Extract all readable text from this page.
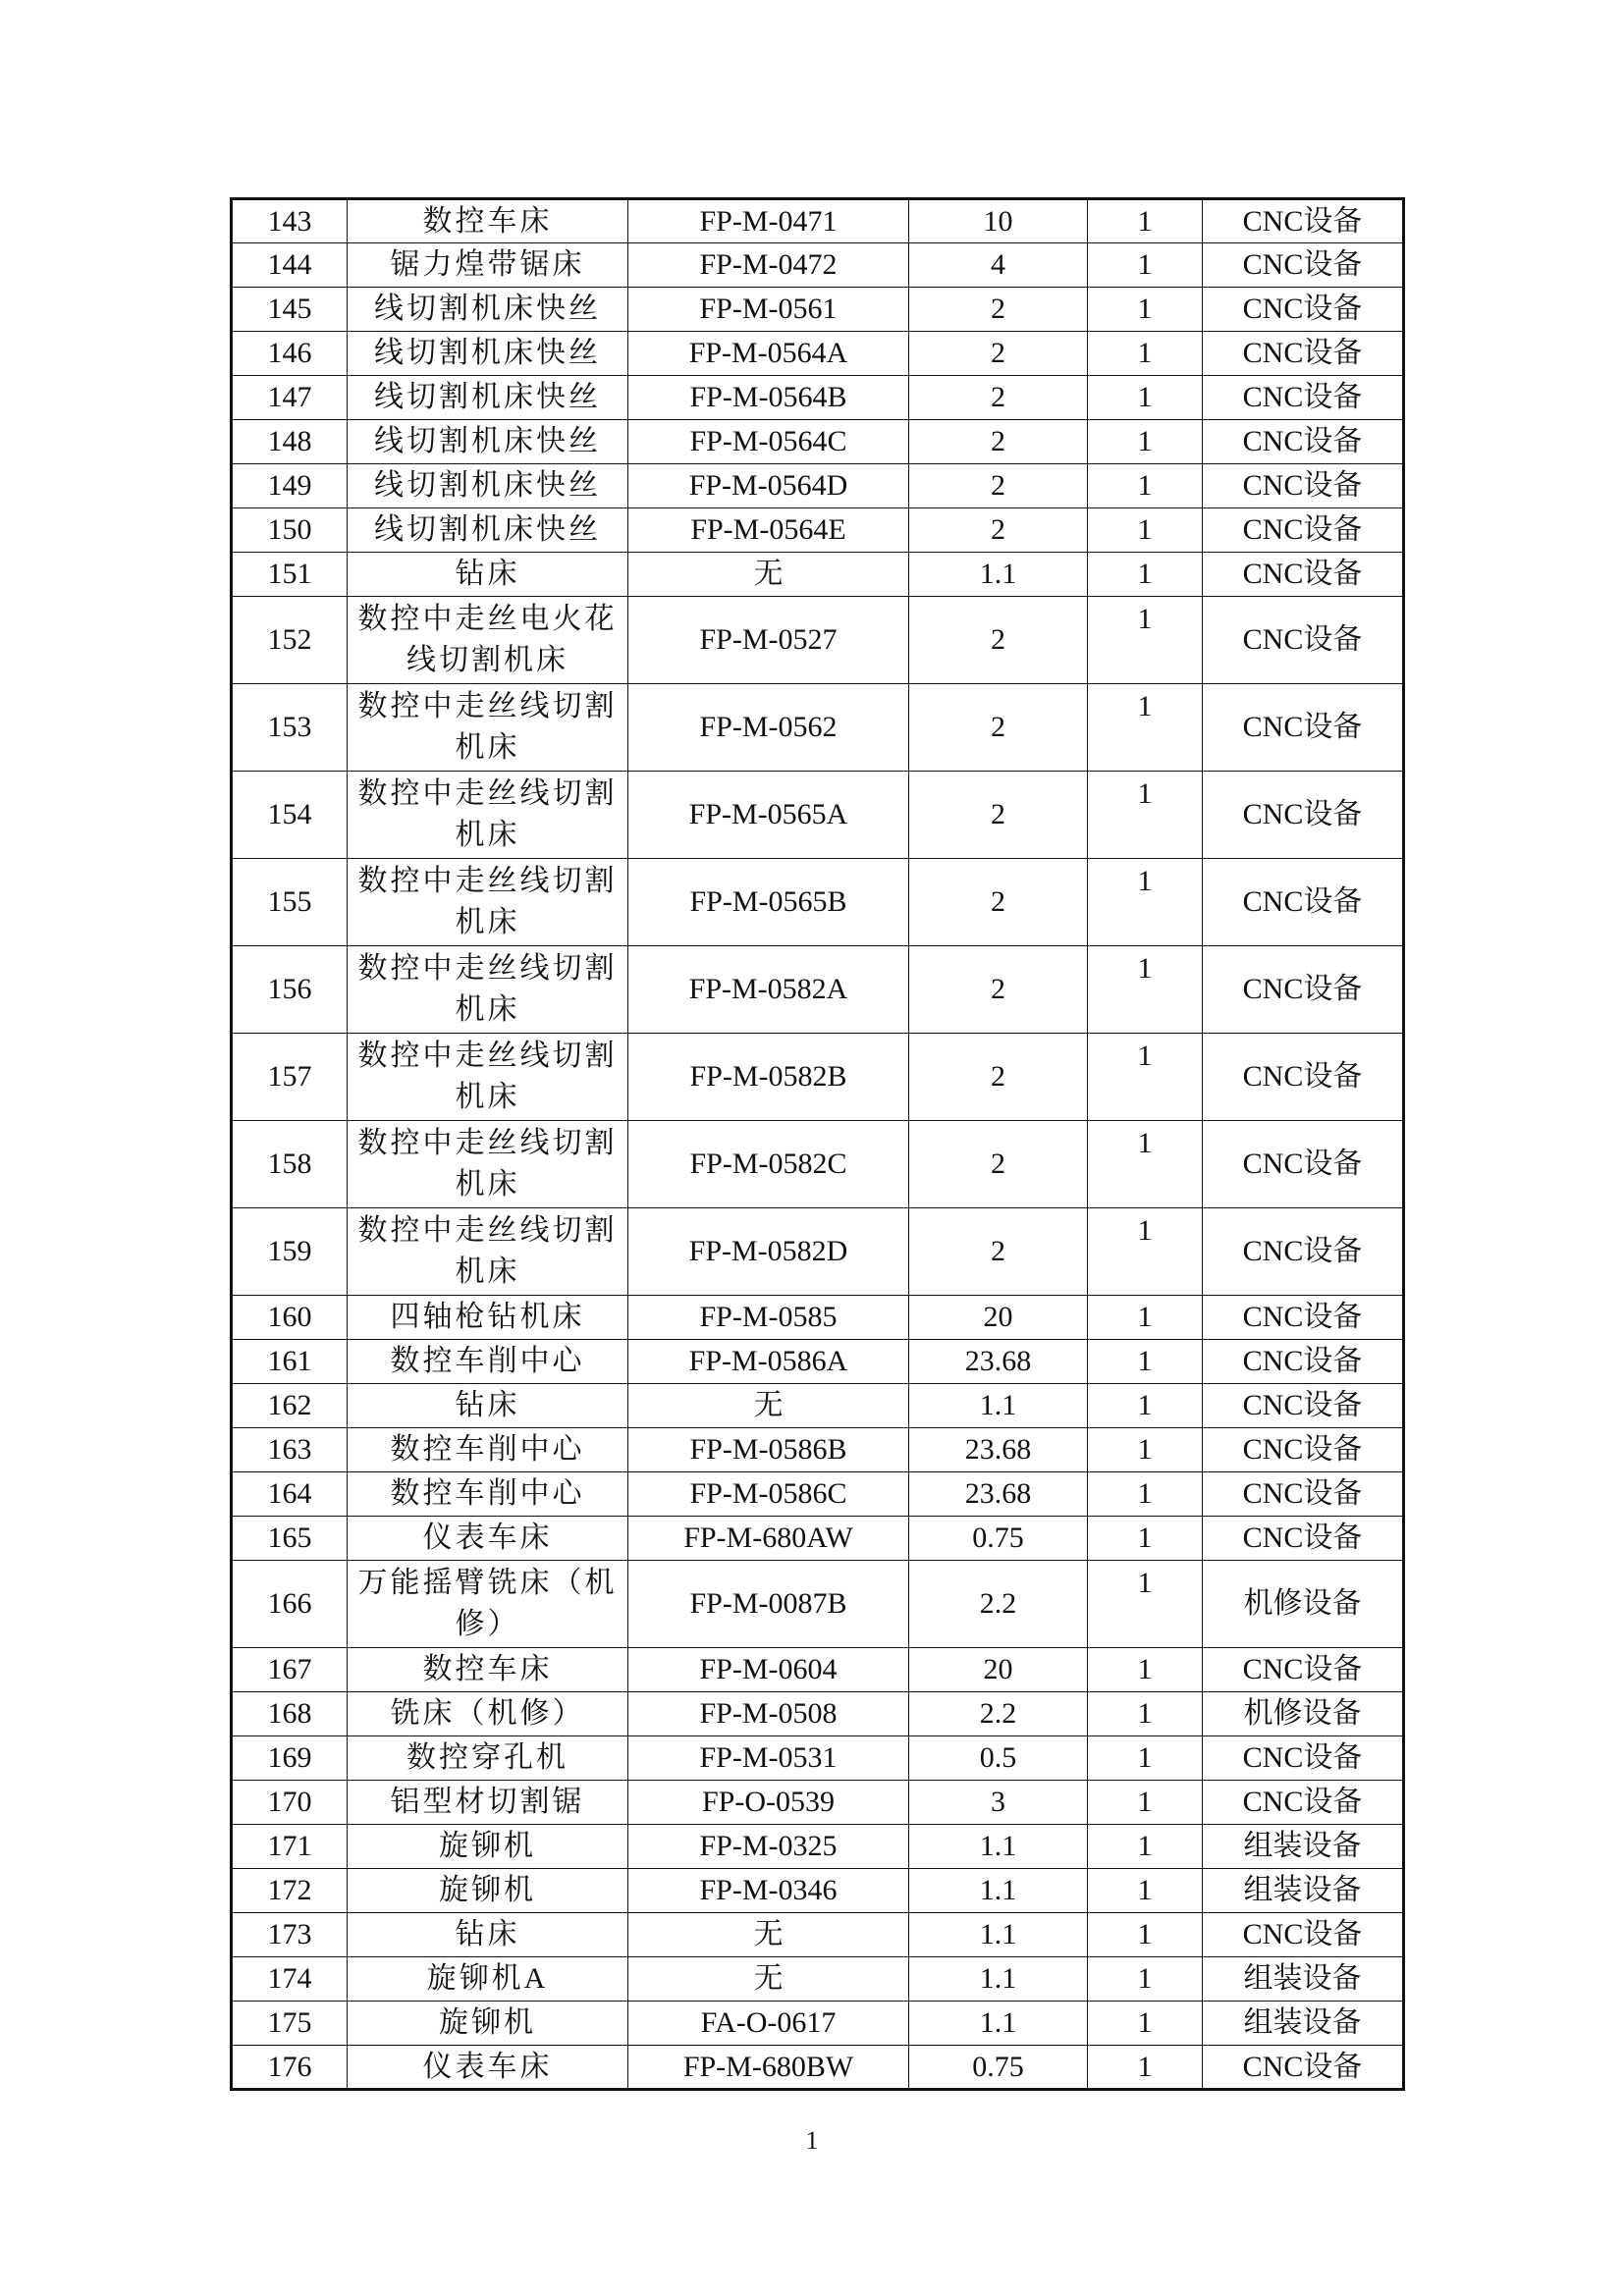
143	数控车床	FP-M-0471	10	1	CNC设备
144	锯力煌带锯床	FP-M-0472	4	1	CNC设备
145	线切割机床快丝	FP-M-0561	2	1	CNC设备
146	线切割机床快丝	FP-M-0564A	2	1	CNC设备
147	线切割机床快丝	FP-M-0564B	2	1	CNC设备
148	线切割机床快丝	FP-M-0564C	2	1	CNC设备
149	线切割机床快丝	FP-M-0564D	2	1	CNC设备
150	线切割机床快丝	FP-M-0564E	2	1	CNC设备
151	钻床	无	1.1	1	CNC设备
152	数控中走丝电火花线切割机床	FP-M-0527	2	1	CNC设备
153	数控中走丝线切割机床	FP-M-0562	2	1	CNC设备
154	数控中走丝线切割机床	FP-M-0565A	2	1	CNC设备
155	数控中走丝线切割机床	FP-M-0565B	2	1	CNC设备
156	数控中走丝线切割机床	FP-M-0582A	2	1	CNC设备
157	数控中走丝线切割机床	FP-M-0582B	2	1	CNC设备
158	数控中走丝线切割机床	FP-M-0582C	2	1	CNC设备
159	数控中走丝线切割机床	FP-M-0582D	2	1	CNC设备
160	四轴枪钻机床	FP-M-0585	20	1	CNC设备
161	数控车削中心	FP-M-0586A	23.68	1	CNC设备
162	钻床	无	1.1	1	CNC设备
163	数控车削中心	FP-M-0586B	23.68	1	CNC设备
164	数控车削中心	FP-M-0586C	23.68	1	CNC设备
165	仪表车床	FP-M-680AW	0.75	1	CNC设备
166	万能摇臂铣床（机修）	FP-M-0087B	2.2	1	机修设备
167	数控车床	FP-M-0604	20	1	CNC设备
168	铣床（机修）	FP-M-0508	2.2	1	机修设备
169	数控穿孔机	FP-M-0531	0.5	1	CNC设备
170	铝型材切割锯	FP-O-0539	3	1	CNC设备
171	旋铆机	FP-M-0325	1.1	1	组装设备
172	旋铆机	FP-M-0346	1.1	1	组装设备
173	钻床	无	1.1	1	CNC设备
174	旋铆机A	无	1.1	1	组装设备
175	旋铆机	FA-O-0617	1.1	1	组装设备
176	仪表车床	FP-M-680BW	0.75	1	CNC设备
1
